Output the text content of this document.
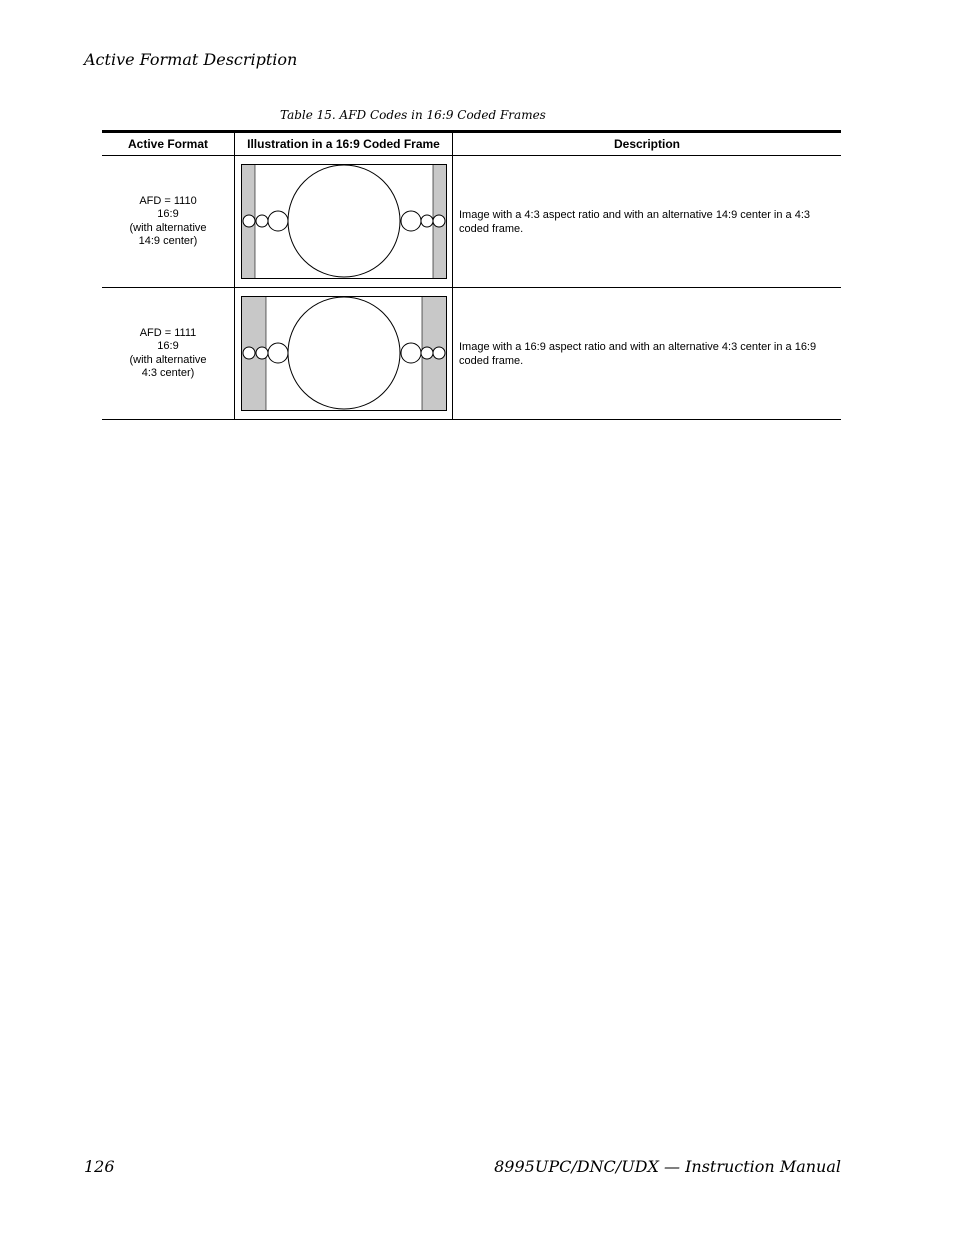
Active Format Description
Table 15. AFD Codes in 16:9 Coded Frames
Active Format	Illustration in a 16:9 Coded Frame	Description

AFD = 1110
16:9
(with alternative
14:9 center)		Image with a 4:3 aspect ratio and with an alternative 14:9 center in a 4:3 coded frame.

AFD = 1111
16:9
(with alternative
4:3 center)		Image with a 16:9 aspect ratio and with an alternative 4:3 center in a 16:9 coded frame.
126	8995UPC/DNC/UDX — Instruction Manual
